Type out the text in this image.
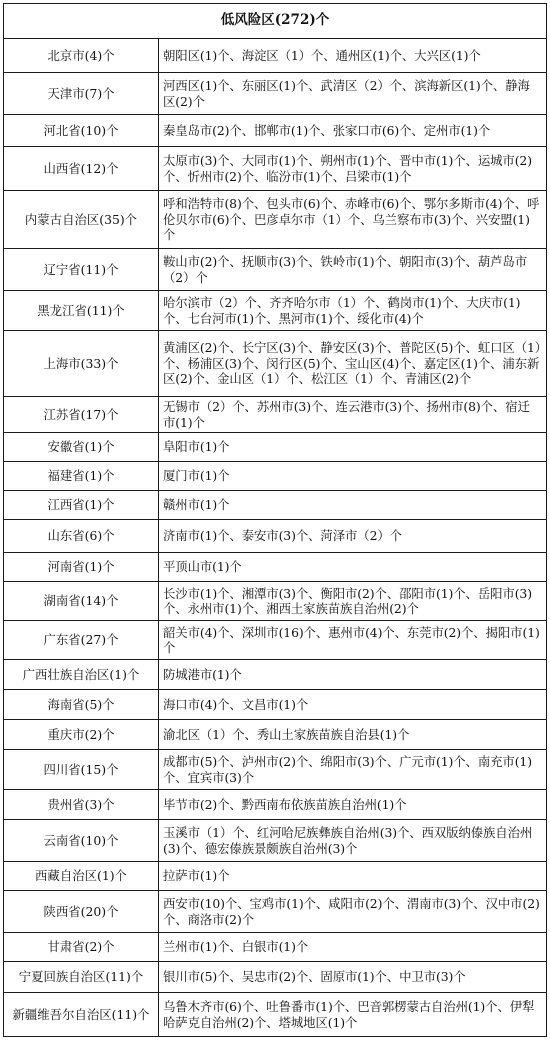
低风险区(272)个	
北京市(4)个	朝阳区(1)个、海淀区（1）个、通州区(1)个、大兴区(1)个
天津市(7)个	河西区(1)个、东丽区(1)个、武清区（2）个、滨海新区(1)个、静海区(2)个
河北省(10)个	秦皇岛市(2)个、邯郸市(1)个、张家口市(6)个、定州市(1)个
山西省(12)个	太原市(3)个、大同市(1)个、朔州市(1)个、晋中市(1)个、运城市(2)个、忻州市(2)个、临汾市(1)个、吕梁市(1)个
内蒙古自治区(35)个	呼和浩特市(8)个、包头市(6)个、赤峰市(6)个、鄂尔多斯市(4)个、呼伦贝尔市(6)个、巴彦卓尔市（1）个、乌兰察布市(3)个、兴安盟(1)个
辽宁省(11)个	鞍山市(2)个、抚顺市(3)个、铁岭市(1)个、朝阳市(3)个、葫芦岛市（2）个
黑龙江省(11)个	哈尔滨市（2）个、齐齐哈尔市（1）个、鹤岗市(1)个、大庆市(1)个、七台河市(1)个、黑河市(1)个、绥化市(4)个
上海市(33)个	黄浦区(2)个、长宁区(3)个、静安区(3)个、普陀区(5)个、虹口区（1）个、杨浦区(3)个、闵行区(5)个、宝山区(4)个、嘉定区(1)个、浦东新区(2)个、金山区（1）个、松江区（1）个、青浦区(2)个
江苏省(17)个	无锡市（2）个、苏州市(3)个、连云港市(3)个、扬州市(8)个、宿迁市(1)个
安徽省(1)个	阜阳市(1)个
福建省(1)个	厦门市(1)个
江西省(1)个	赣州市(1)个
山东省(6)个	济南市(1)个、泰安市(3)个、菏泽市（2）个
河南省(1)个	平顶山市(1)个
湖南省(14)个	长沙市(1)个、湘潭市(3)个、衡阳市(2)个、邵阳市(1)个、岳阳市(3)个、永州市(1)个、湘西土家族苗族自治州(2)个
广东省(27)个	韶关市(4)个、深圳市(16)个、惠州市(4)个、东莞市(2)个、揭阳市(1)个
广西壮族自治区(1)个	防城港市(1)个
海南省(5)个	海口市(4)个、文昌市(1)个
重庆市(2)个	渝北区（1）个、秀山土家族苗族自治县(1)个
四川省(15)个	成都市(5)个、泸州市(2)个、绵阳市(3)个、广元市(1)个、南充市(1)个、宜宾市(3)个
贵州省(3)个	毕节市(2)个、黔西南布依族苗族自治州(1)个
云南省(10)个	玉溪市（1）个、红河哈尼族彝族自治州(3)个、西双版纳傣族自治州(3)个、德宏傣族景颇族自治州(3)个
西藏自治区(1)个	拉萨市(1)个
陕西省(20)个	西安市(10)个、宝鸡市(1)个、咸阳市(2)个、渭南市(3)个、汉中市(2)个、商洛市(2)个
甘肃省(2)个	兰州市(1)个、白银市(1)个
宁夏回族自治区(11)个	银川市(5)个、吴忠市(2)个、固原市(1)个、中卫市(3)个
新疆维吾尔自治区(11)个	乌鲁木齐市(6)个、吐鲁番市(1)个、巴音郭楞蒙古自治州(1)个、伊犁哈萨克自治州(2)个、塔城地区(1)个
